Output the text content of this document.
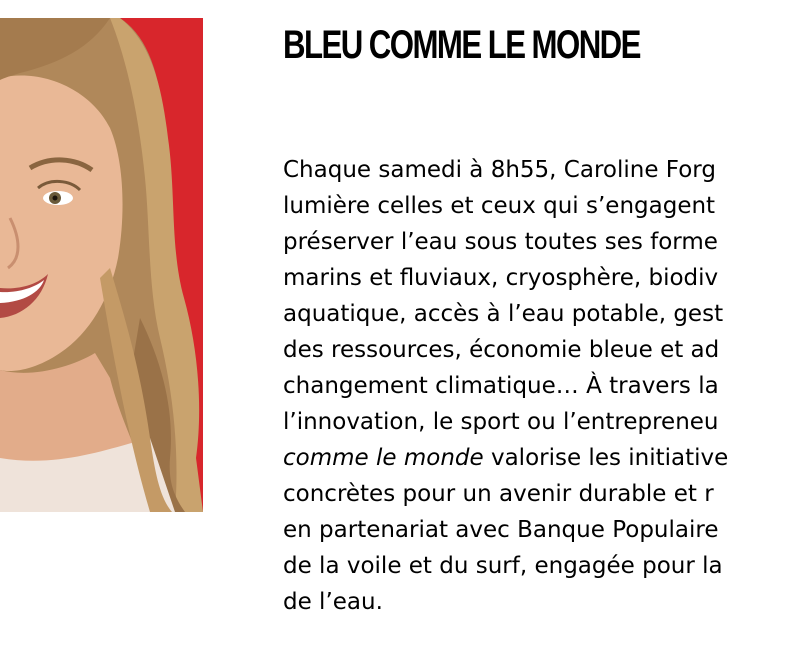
BLEU COMME LE MONDE

Chaque samedi à 8h55, Caroline Forg
lumière celles et ceux qui s’engagent
préserver l’eau sous toutes ses forme
marins et fluviaux, cryosphère, biodiv
aquatique, accès à l’eau potable, gest
des ressources, économie bleue et ad
changement climatique… À travers la
l’innovation, le sport ou l’entrepreneu
comme le monde valorise les initiative
concrètes pour un avenir durable et r
en partenariat avec Banque Populaire
de la voile et du surf, engagée pour la
de l’eau.
